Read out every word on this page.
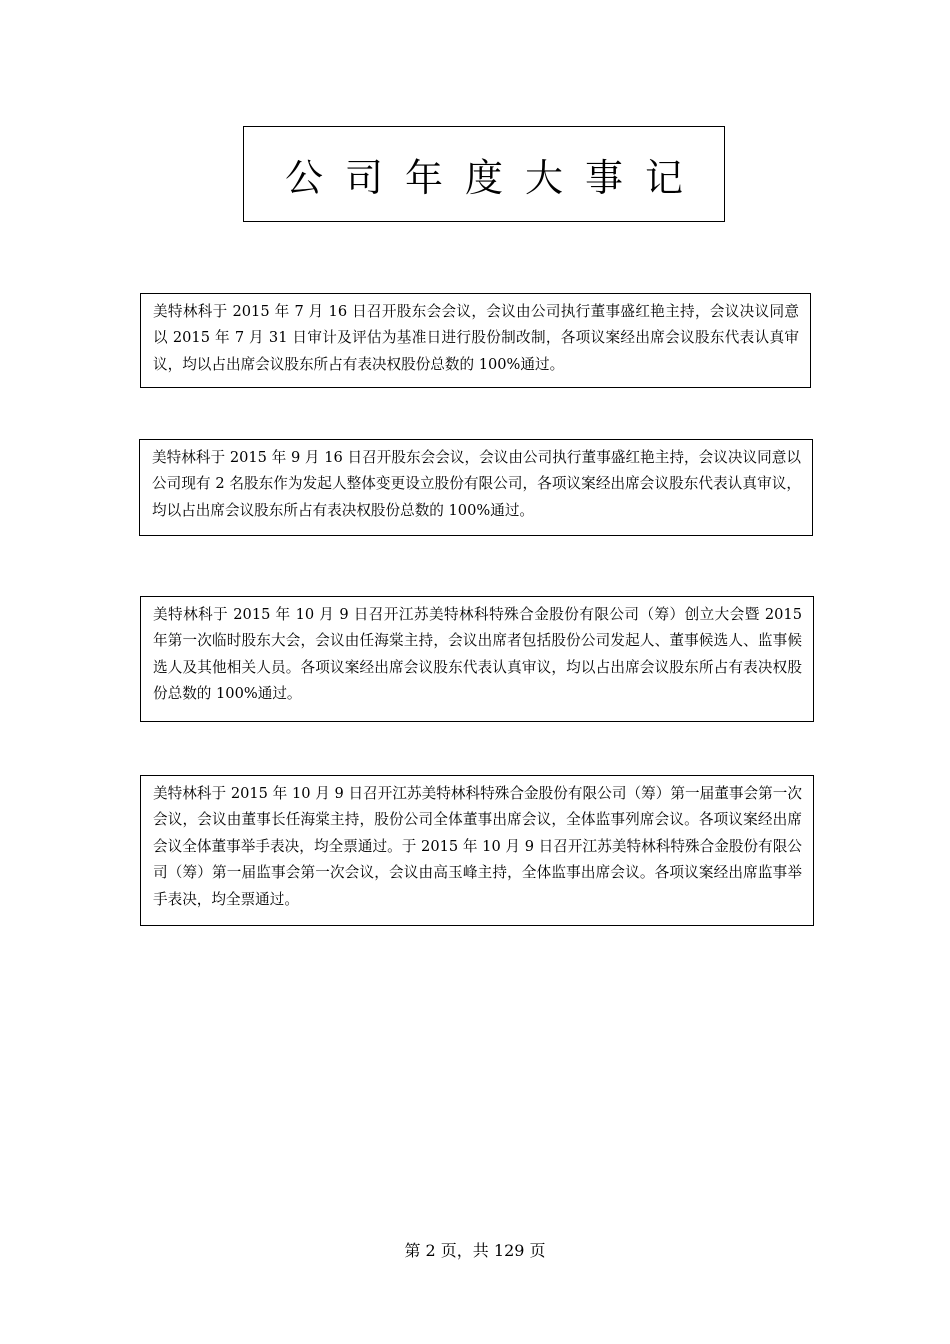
公司年度大事记
美特林科于 2015 年 7 月 16 日召开股东会会议，会议由公司执行董事盛红艳主持，会议决议同意以 2015 年 7 月 31 日审计及评估为基准日进行股份制改制，各项议案经出席会议股东代表认真审议，均以占出席会议股东所占有表决权股份总数的 100%通过。
美特林科于 2015 年 9 月 16 日召开股东会会议，会议由公司执行董事盛红艳主持，会议决议同意以公司现有 2 名股东作为发起人整体变更设立股份有限公司，各项议案经出席会议股东代表认真审议，均以占出席会议股东所占有表决权股份总数的 100%通过。
美特林科于 2015 年 10 月 9 日召开江苏美特林科特殊合金股份有限公司（筹）创立大会暨 2015 年第一次临时股东大会，会议由任海棠主持，会议出席者包括股份公司发起人、董事候选人、监事候选人及其他相关人员。各项议案经出席会议股东代表认真审议，均以占出席会议股东所占有表决权股份总数的 100%通过。
美特林科于 2015 年 10 月 9 日召开江苏美特林科特殊合金股份有限公司（筹）第一届董事会第一次会议，会议由董事长任海棠主持，股份公司全体董事出席会议，全体监事列席会议。各项议案经出席会议全体董事举手表决，均全票通过。于 2015 年 10 月 9 日召开江苏美特林科特殊合金股份有限公司（筹）第一届监事会第一次会议，会议由高玉峰主持，全体监事出席会议。各项议案经出席监事举手表决，均全票通过。
第 2 页，共 129 页
